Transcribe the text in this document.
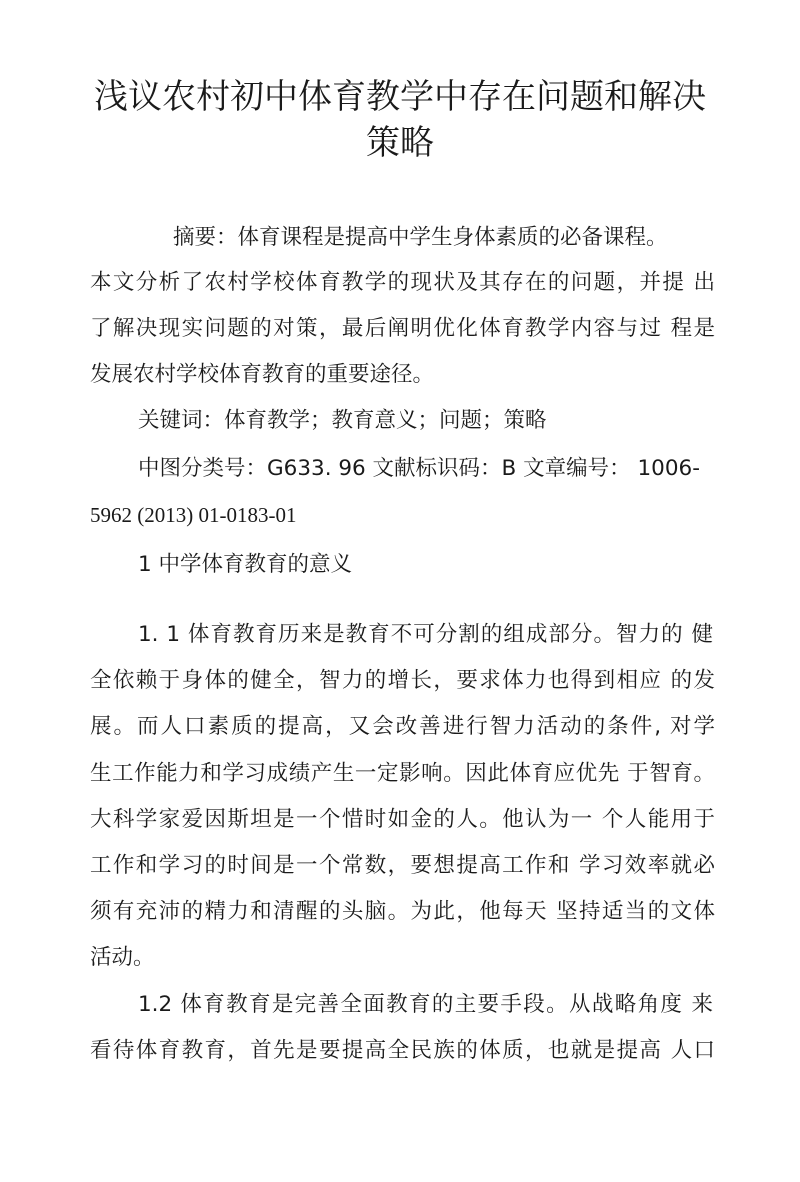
浅议农村初中体育教学中存在问题和解决
策略

摘要：体育课程是提高中学生身体素质的必备课程。

本文分析了农村学校体育教学的现状及其存在的问题，并提 出

了解决现实问题的对策，最后阐明优化体育教学内容与过 程是

发展农村学校体育教育的重要途径。

关键词：体育教学；教育意义；问题；策略

中图分类号：G633. 96 文献标识码：B 文章编号： 1006-

5962 (2013) 01-0183-01

1 中学体育教育的意义

1. 1 体育教育历来是教育不可分割的组成部分。智力的 健

全依赖于身体的健全，智力的增长，要求体力也得到相应 的发

展。而人口素质的提高，又会改善进行智力活动的条件, 对学

生工作能力和学习成绩产生一定影响。因此体育应优先 于智育。

大科学家爱因斯坦是一个惜时如金的人。他认为一 个人能用于

工作和学习的时间是一个常数，要想提高工作和 学习效率就必

须有充沛的精力和清醒的头脑。为此，他每天 坚持适当的文体

活动。

1.2 体育教育是完善全面教育的主要手段。从战略角度 来

看待体育教育，首先是要提高全民族的体质，也就是提高 人口
